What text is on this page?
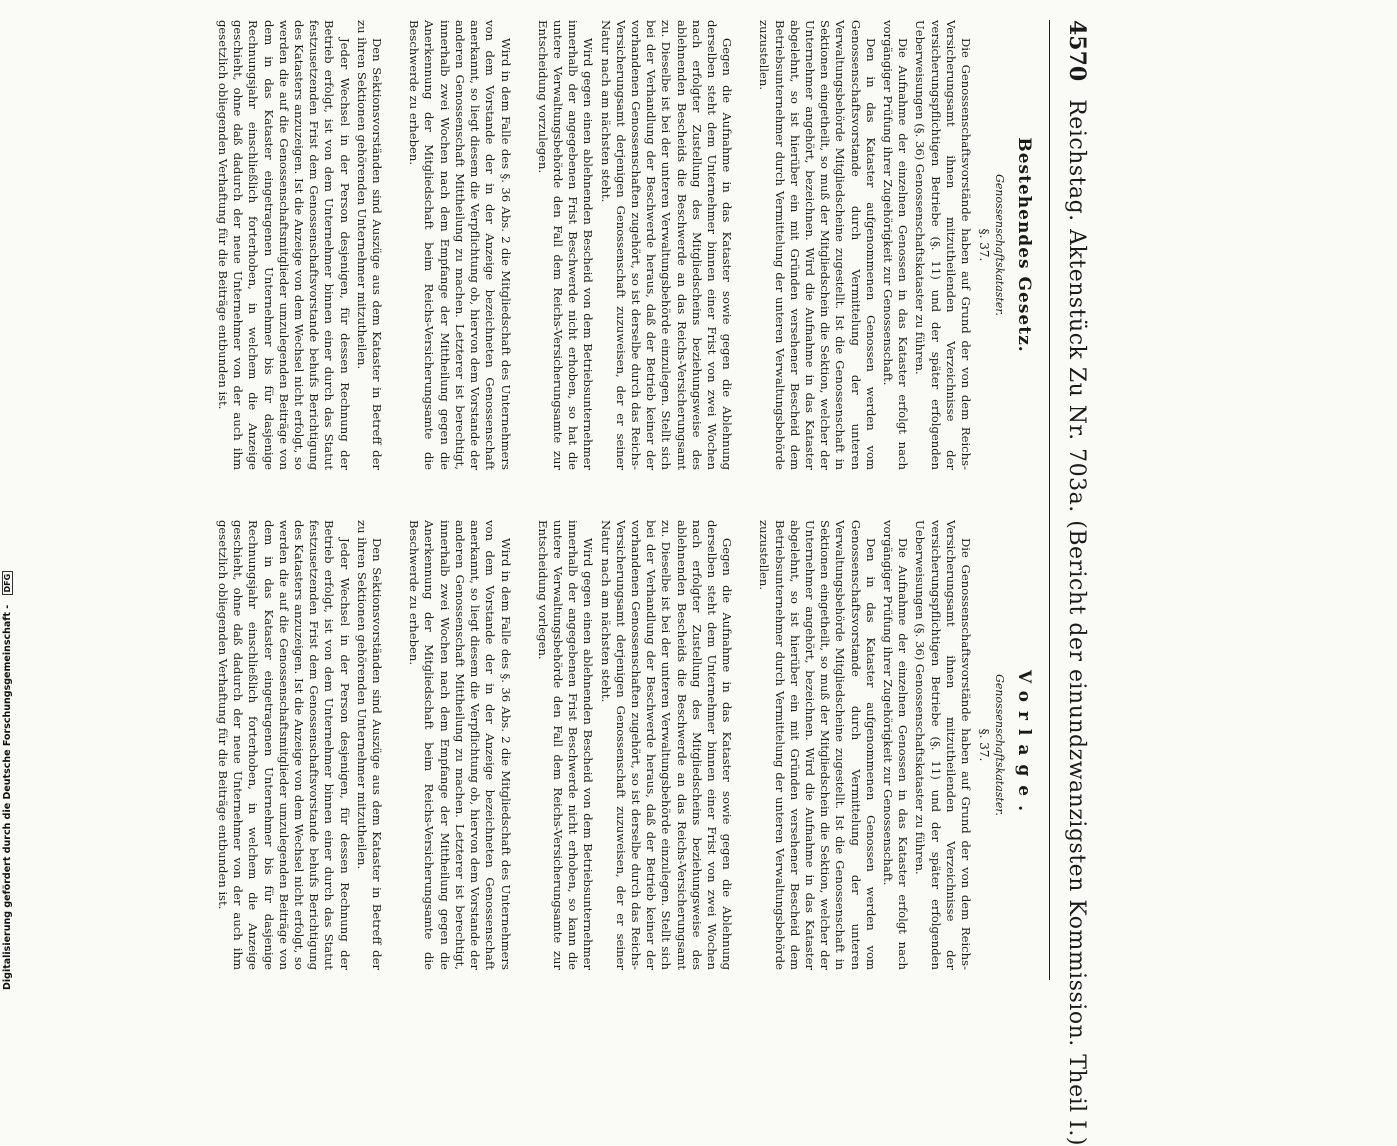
4570
Reichstag. Aktenstück Zu Nr. 703a. (Bericht der einundzwanzigsten Kommission. Theil I.)
Bestehendes Gesetz.
Genossenschaftskataster.
§. 37.

Die Genossenschaftsvorstände haben auf Grund der von dem Reichs-Versicherungsamt ihnen mitzutheilenden Verzeichnisse der versicherungspflichtigen Betriebe (§. 11) und der später erfolgenden Ueberweisungen (§. 36) Genossenschaftskataster zu führen.

Die Aufnahme der einzelnen Genossen in das Kataster erfolgt nach vorgängiger Prüfung ihrer Zugehörigkeit zur Genossenschaft.

Den in das Kataster aufgenommenen Genossen werden vom Genossenschaftsvorstande durch Vermittelung der unteren Verwaltungsbehörde Mitgliedscheine zugestellt. Ist die Genossenschaft in Sektionen eingetheilt, so muß der Mitgliedschein die Sektion, welcher der Unternehmer angehört, bezeichnen. Wird die Aufnahme in das Kataster abgelehnt, so ist hierüber ein mit Gründen versehener Bescheid dem Betriebsunternehmer durch Vermittelung der unteren Verwaltungsbehörde zuzustellen.

Gegen die Aufnahme in das Kataster sowie gegen die Ablehnung derselben steht dem Unternehmer binnen einer Frist von zwei Wochen nach erfolgter Zustellung des Mitgliedscheins beziehungsweise des ablehnenden Bescheids die Beschwerde an das Reichs-Versicherungsamt zu. Dieselbe ist bei der unteren Verwaltungsbehörde einzulegen. Stellt sich bei der Verhandlung der Beschwerde heraus, daß der Betrieb keiner der vorhandenen Genossenschaften zugehört, so ist derselbe durch das Reichs-Versicherungsamt derjenigen Genossenschaft zuzuweisen, der er seiner Natur nach am nächsten steht.

Wird gegen einen ablehnenden Bescheid von dem Betriebsunternehmer innerhalb der angegebenen Frist Beschwerde nicht erhoben, so hat die untere Verwaltungsbehörde den Fall dem Reichs-Versicherungsamte zur Entscheidung vorzulegen.

Wird in dem Falle des §. 36 Abs. 2 die Mitgliedschaft des Unternehmers von dem Vorstande der in der Anzeige bezeichneten Genossenschaft anerkannt, so liegt diesem die Verpflichtung ob, hiervon dem Vorstande der anderen Genossenschaft Mittheilung zu machen. Letzterer ist berechtigt, innerhalb zwei Wochen nach dem Empfange der Mittheilung gegen die Anerkennung der Mitgliedschaft beim Reichs-Versicherungsamte die Beschwerde zu erheben.

Den Sektionsvorständen sind Auszüge aus dem Kataster in Betreff der zu ihren Sektionen gehörenden Unternehmer mitzutheilen.

Jeder Wechsel in der Person desjenigen, für dessen Rechnung der Betrieb erfolgt, ist von dem Unternehmer binnen einer durch das Statut festzusetzenden Frist dem Genossenschaftsvorstande behufs Berichtigung des Katasters anzuzeigen. Ist die Anzeige von dem Wechsel nicht erfolgt, so werden die auf die Genossenschaftsmitglieder umzulegenden Beiträge von dem in das Kataster eingetragenen Unternehmer bis für dasjenige Rechnungsjahr einschließlich forterhoben, in welchem die Anzeige geschieht, ohne daß dadurch der neue Unternehmer von der auch ihm gesetzlich obliegenden Verhaftung für die Beiträge entbunden ist.

Vorlage.
Genossenschaftskataster.
§. 37.

Die Genossenschaftsvorstände haben auf Grund der von dem Reichs-Versicherungsamt ihnen mitzutheilenden Verzeichnisse der versicherungspflichtigen Betriebe (§. 11) und der später erfolgenden Ueberweisungen (§. 36) Genossenschaftskataster zu führen.

Die Aufnahme der einzelnen Genossen in das Kataster erfolgt nach vorgängiger Prüfung ihrer Zugehörigkeit zur Genossenschaft.

Den in das Kataster aufgenommenen Genossen werden vom Genossenschaftsvorstande durch Vermittelung der unteren Verwaltungsbehörde Mitgliedscheine zugestellt. Ist die Genossenschaft in Sektionen eingetheilt, so muß der Mitgliedschein die Sektion, welcher der Unternehmer angehört, bezeichnen. Wird die Aufnahme in das Kataster abgelehnt, so ist hierüber ein mit Gründen versehener Bescheid dem Betriebsunternehmer durch Vermittelung der unteren Verwaltungsbehörde zuzustellen.

Gegen die Aufnahme in das Kataster sowie gegen die Ablehnung derselben steht dem Unternehmer binnen einer Frist von zwei Wochen nach erfolgter Zustellung des Mitgliedscheins beziehungsweise des ablehnenden Bescheids die Beschwerde an das Reichs-Versicherungsamt zu. Dieselbe ist bei der unteren Verwaltungsbehörde einzulegen. Stellt sich bei der Verhandlung der Beschwerde heraus, daß der Betrieb keiner der vorhandenen Genossenschaften zugehört, so ist derselbe durch das Reichs-Versicherungsamt derjenigen Genossenschaft zuzuweisen, der er seiner Natur nach am nächsten steht.

Wird gegen einen ablehnenden Bescheid von dem Betriebsunternehmer innerhalb der angegebenen Frist Beschwerde nicht erhoben, so kann die untere Verwaltungsbehörde den Fall dem Reichs-Versicherungsamte zur Entscheidung vorlegen.

Wird in dem Falle des §. 36 Abs. 2 die Mitgliedschaft des Unternehmers von dem Vorstande der in der Anzeige bezeichneten Genossenschaft anerkannt, so liegt diesem die Verpflichtung ob, hiervon dem Vorstande der anderen Genossenschaft Mittheilung zu machen. Letzterer ist berechtigt, innerhalb zwei Wochen nach dem Empfange der Mittheilung gegen die Anerkennung der Mitgliedschaft beim Reichs-Versicherungsamte die Beschwerde zu erheben.

Den Sektionsvorständen sind Auszüge aus dem Kataster in Betreff der zu ihren Sektionen gehörenden Unternehmer mitzutheilen.

Jeder Wechsel in der Person desjenigen, für dessen Rechnung der Betrieb erfolgt, ist von dem Unternehmer binnen einer durch das Statut festzusetzenden Frist dem Genossenschaftsvorstande behufs Berichtigung des Katasters anzuzeigen. Ist die Anzeige von dem Wechsel nicht erfolgt, so werden die auf die Genossenschaftsmitglieder umzulegenden Beiträge von dem in das Kataster eingetragenen Unternehmer bis für dasjenige Rechnungsjahr einschließlich forterhoben, in welchem die Anzeige geschieht, ohne daß dadurch der neue Unternehmer von der auch ihm gesetzlich obliegenden Verhaftung für die Beiträge entbunden ist.

Digitalisierung gefördert durch die Deutsche Forschungsgemeinschaft - DFG
